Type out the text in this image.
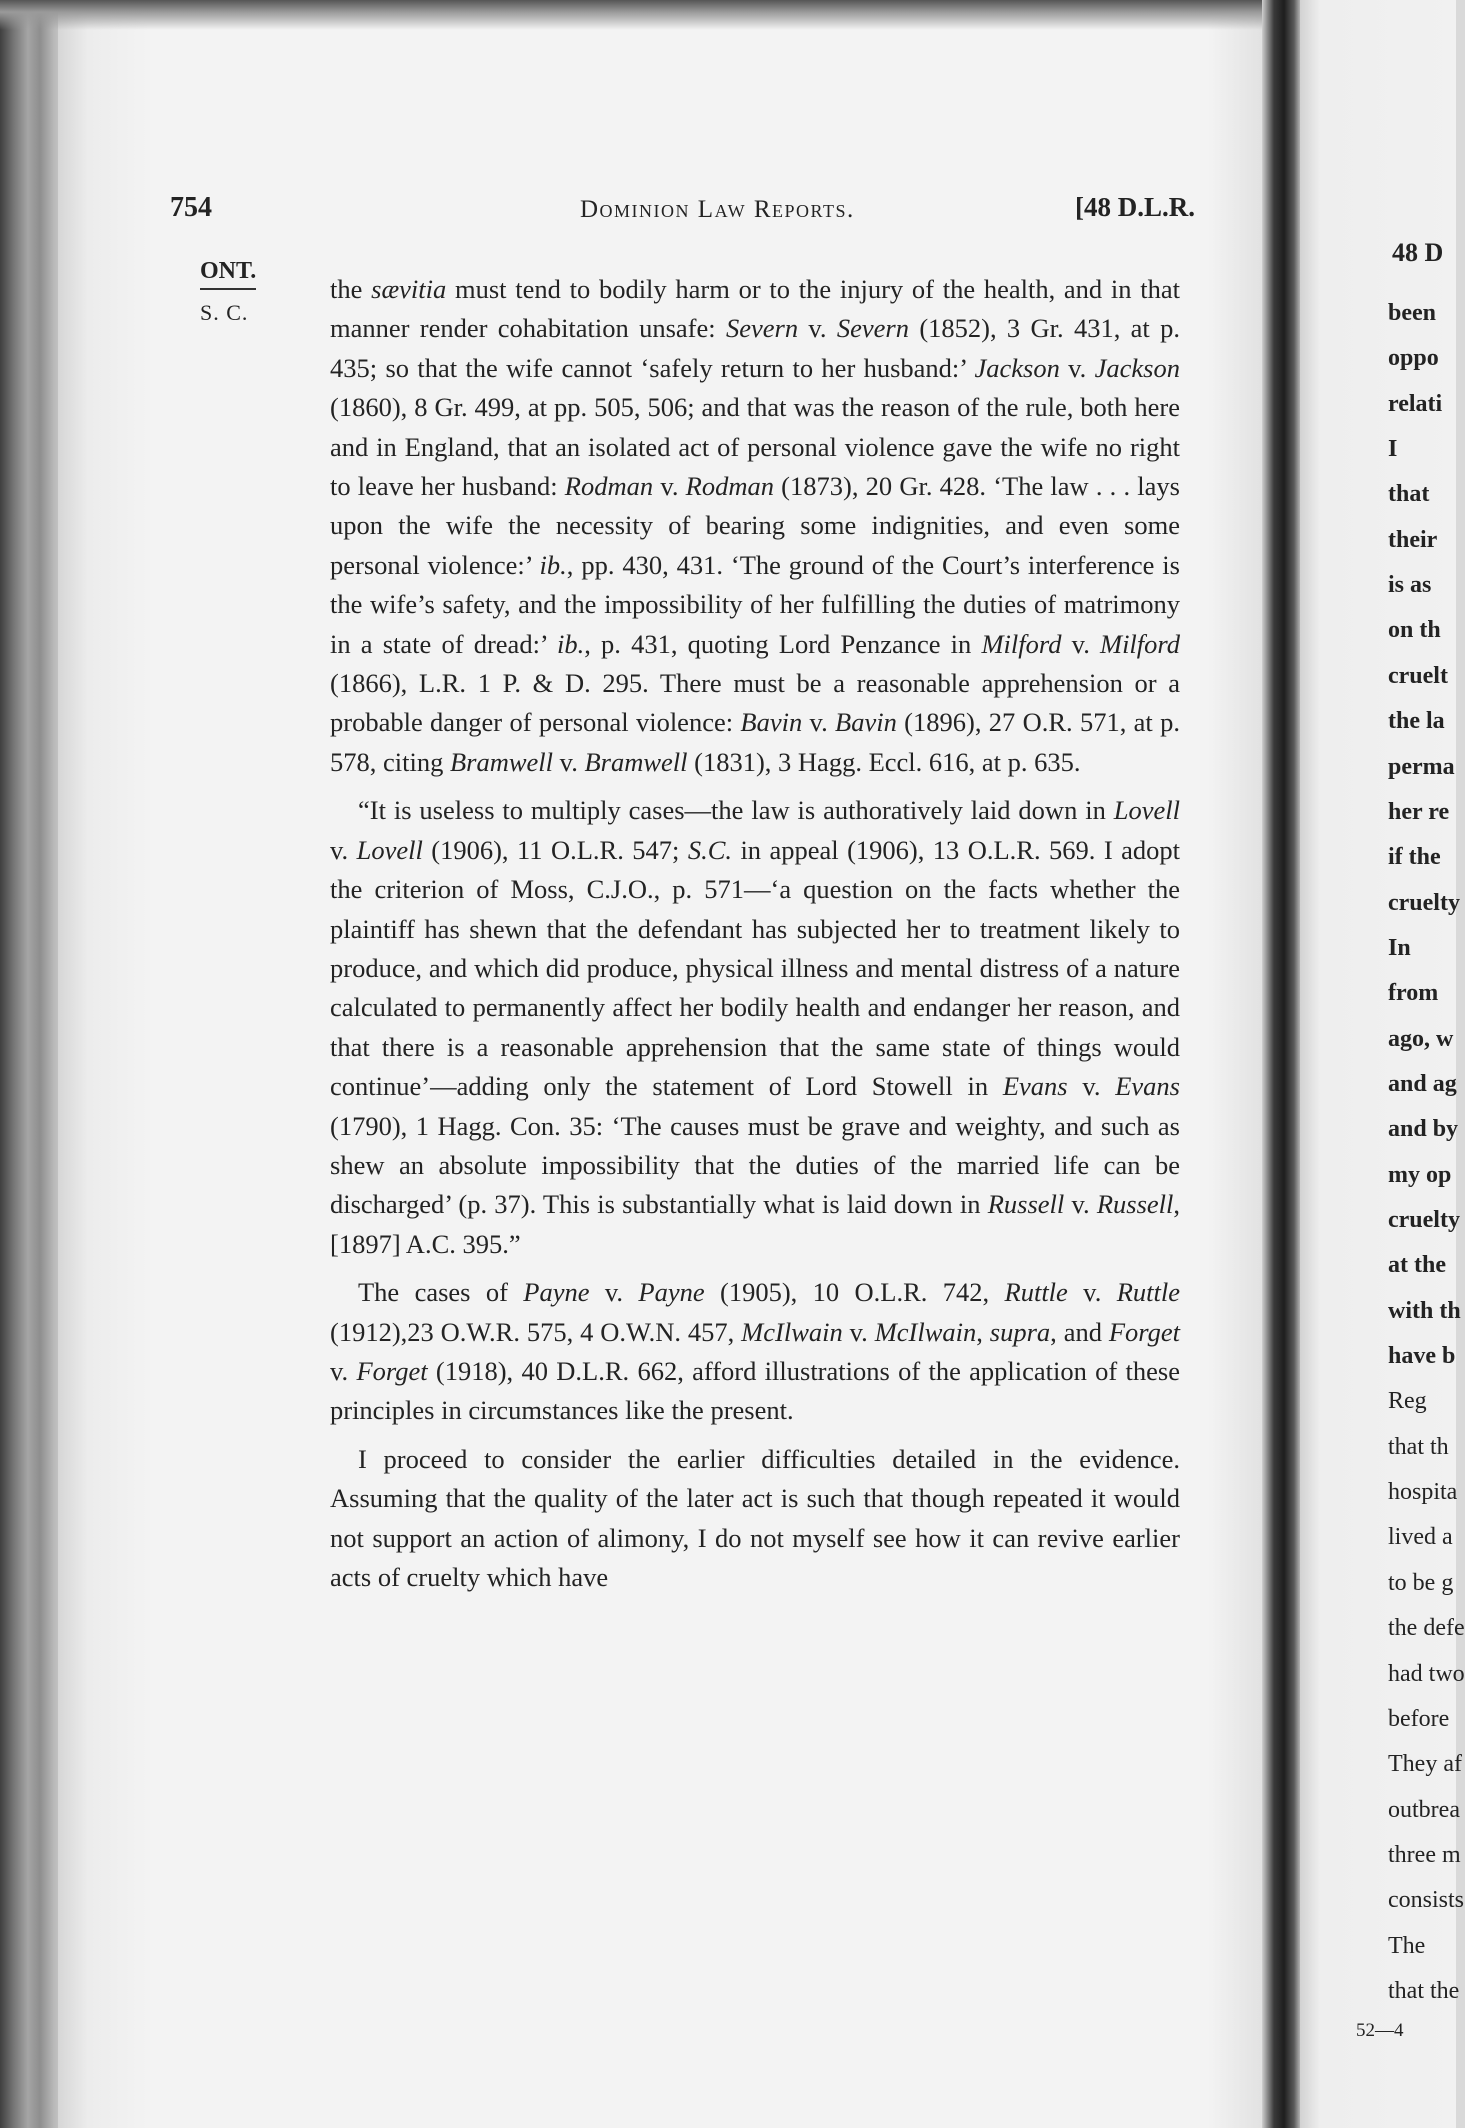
754	Dominion Law Reports.	[48 D.L.R.
ONT.
S. C.

the sævitia must tend to bodily harm or to the injury of the health, and in that manner render cohabitation unsafe: Severn v. Severn (1852), 3 Gr. 431, at p. 435; so that the wife cannot ‘safely return to her husband:’ Jackson v. Jackson (1860), 8 Gr. 499, at pp. 505, 506; and that was the reason of the rule, both here and in England, that an isolated act of personal violence gave the wife no right to leave her husband: Rodman v. Rodman (1873), 20 Gr. 428. ‘The law . . . lays upon the wife the necessity of bearing some indignities, and even some personal violence:’ ib., pp. 430, 431. ‘The ground of the Court’s interference is the wife’s safety, and the impossibility of her fulfilling the duties of matrimony in a state of dread:’ ib., p. 431, quoting Lord Penzance in Milford v. Milford (1866), L.R. 1 P. & D. 295. There must be a reasonable apprehension or a probable danger of personal violence: Bavin v. Bavin (1896), 27 O.R. 571, at p. 578, citing Bramwell v. Bramwell (1831), 3 Hagg. Eccl. 616, at p. 635.

“It is useless to multiply cases—the law is authoratively laid down in Lovell v. Lovell (1906), 11 O.L.R. 547; S.C. in appeal (1906), 13 O.L.R. 569. I adopt the criterion of Moss, C.J.O., p. 571—‘a question on the facts whether the plaintiff has shewn that the defendant has subjected her to treatment likely to produce, and which did produce, physical illness and mental distress of a nature calculated to permanently affect her bodily health and endanger her reason, and that there is a reasonable apprehension that the same state of things would continue’—adding only the statement of Lord Stowell in Evans v. Evans (1790), 1 Hagg. Con. 35: ‘The causes must be grave and weighty, and such as shew an absolute impossibility that the duties of the married life can be discharged’ (p. 37). This is substantially what is laid down in Russell v. Russell, [1897] A.C. 395.”

The cases of Payne v. Payne (1905), 10 O.L.R. 742, Ruttle v. Ruttle (1912),23 O.W.R. 575, 4 O.W.N. 457, McIlwain v. McIlwain, supra, and Forget v. Forget (1918), 40 D.L.R. 662, afford illustrations of the application of these principles in circumstances like the present.

I proceed to consider the earlier difficulties detailed in the evidence. Assuming that the quality of the later act is such that though repeated it would not support an action of alimony, I do not myself see how it can revive earlier acts of cruelty which have

48 D
been
oppo
relati
I
that
their
is as
on th
cruelt
the la
perma
her re
if the
cruelty
In
from
ago, w
and ag
and by
my op
cruelty
at the
with th
have b
Reg
that th
hospita
lived a
to be g
the defe
had two
before
They af
outbrea
three m
consists
The
that the
52—4
